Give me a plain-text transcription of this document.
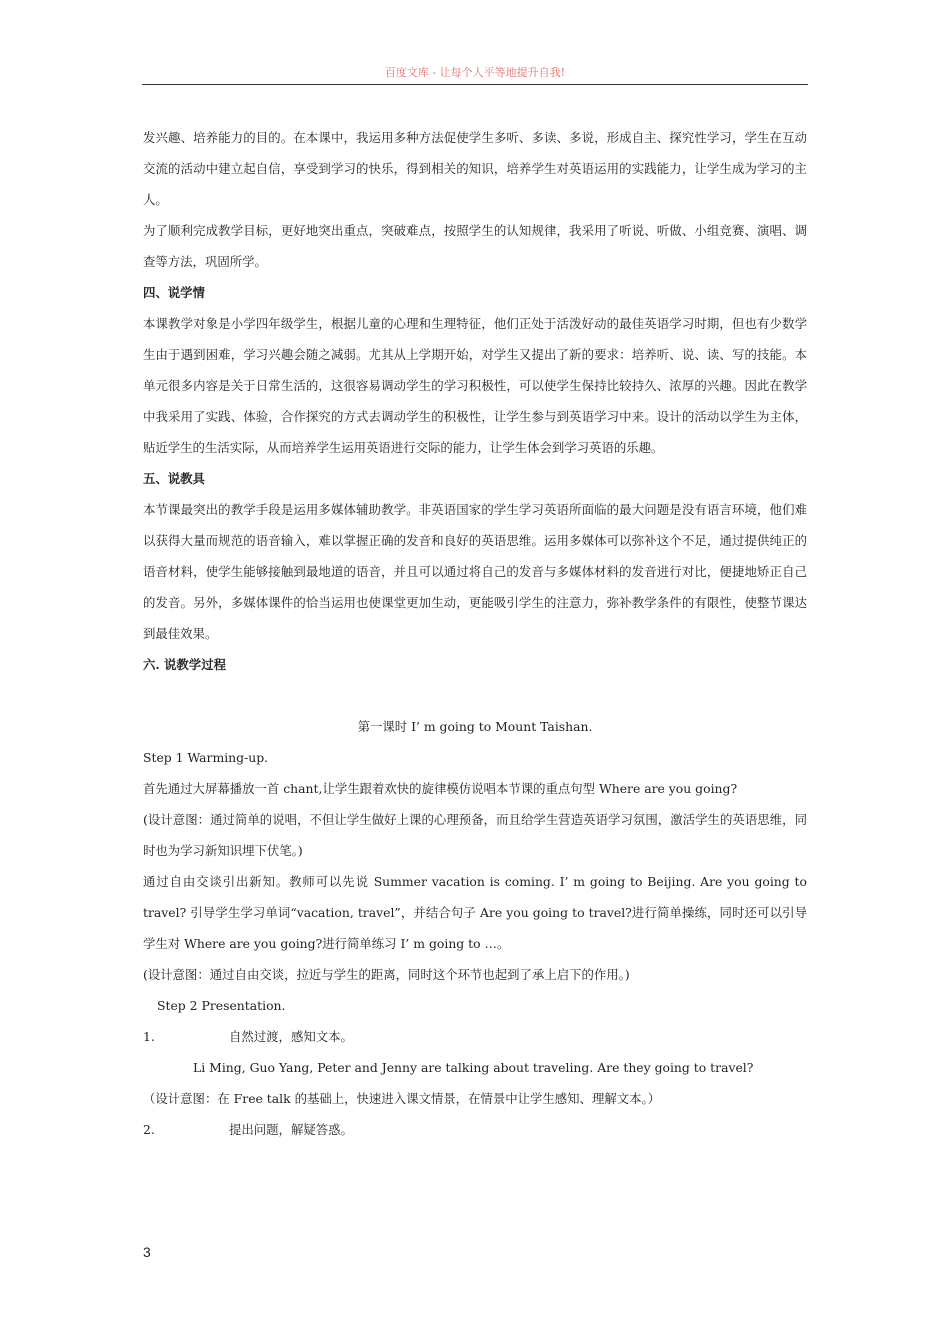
百度文库 - 让每个人平等地提升自我!

发兴趣、培养能力的目的。在本课中，我运用多种方法促使学生多听、多读、多说，形成自主、探究性学习，学生在互动交流的活动中建立起自信，享受到学习的快乐，得到相关的知识，培养学生对英语运用的实践能力，让学生成为学习的主人。

为了顺利完成教学目标，更好地突出重点，突破难点，按照学生的认知规律，我采用了听说、听做、小组竞赛、演唱、调查等方法，巩固所学。

四、说学情

本课教学对象是小学四年级学生，根据儿童的心理和生理特征，他们正处于活泼好动的最佳英语学习时期，但也有少数学生由于遇到困难，学习兴趣会随之减弱。尤其从上学期开始，对学生又提出了新的要求：培养听、说、读、写的技能。本单元很多内容是关于日常生活的，这很容易调动学生的学习积极性，可以使学生保持比较持久、浓厚的兴趣。因此在教学中我采用了实践、体验，合作探究的方式去调动学生的积极性，让学生参与到英语学习中来。设计的活动以学生为主体，贴近学生的生活实际，从而培养学生运用英语进行交际的能力，让学生体会到学习英语的乐趣。

五、说教具

本节课最突出的教学手段是运用多媒体辅助教学。非英语国家的学生学习英语所面临的最大问题是没有语言环境，他们难以获得大量而规范的语音输入，难以掌握正确的发音和良好的英语思维。运用多媒体可以弥补这个不足，通过提供纯正的语音材料，使学生能够接触到最地道的语音，并且可以通过将自己的发音与多媒体材料的发音进行对比，便捷地矫正自己的发音。另外，多媒体课件的恰当运用也使课堂更加生动，更能吸引学生的注意力，弥补教学条件的有限性，使整节课达到最佳效果。

六. 说教学过程

第一课时 I’ m going to Mount Taishan.

Step 1 Warming-up.

首先通过大屏幕播放一首 chant,让学生跟着欢快的旋律模仿说唱本节课的重点句型 Where are you going?

(设计意图：通过简单的说唱，不但让学生做好上课的心理预备，而且给学生营造英语学习氛围，激活学生的英语思维，同时也为学习新知识埋下伏笔。)

通过自由交谈引出新知。教师可以先说 Summer vacation is coming. I’ m going to Beijing. Are you going to travel? 引导学生学习单词“vacation, travel”，并结合句子 Are you going to travel?进行简单操练，同时还可以引导学生对 Where are you going?进行简单练习 I’ m going to …。

(设计意图：通过自由交谈，拉近与学生的距离，同时这个环节也起到了承上启下的作用。)

Step 2 Presentation.

1.	自然过渡，感知文本。

Li Ming, Guo Yang, Peter and Jenny are talking about traveling. Are they going to travel?

（设计意图：在 Free talk 的基础上，快速进入课文情景，在情景中让学生感知、理解文本。）

2.	提出问题，解疑答惑。
3
